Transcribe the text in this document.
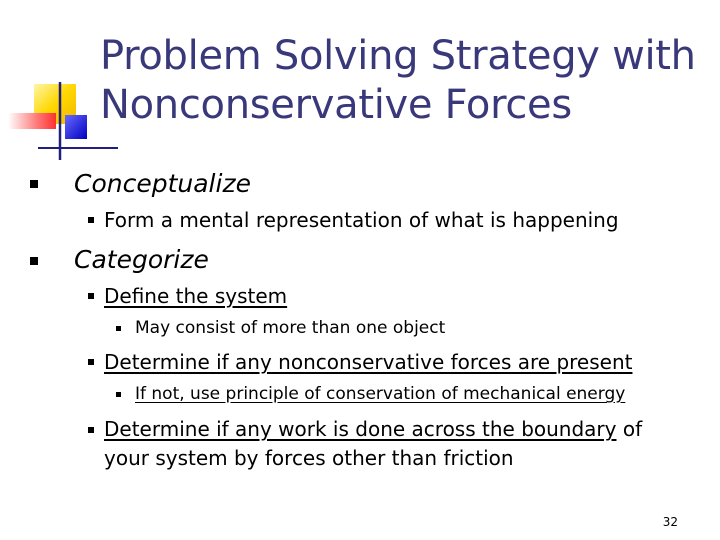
Problem Solving Strategy with
Nonconservative Forces
Conceptualize
Form a mental representation of what is happening
Categorize
Define the system
May consist of more than one object
Determine if any nonconservative forces are present
If not, use principle of conservation of mechanical energy
Determine if any work is done across the boundary of
your system by forces other than friction
32
